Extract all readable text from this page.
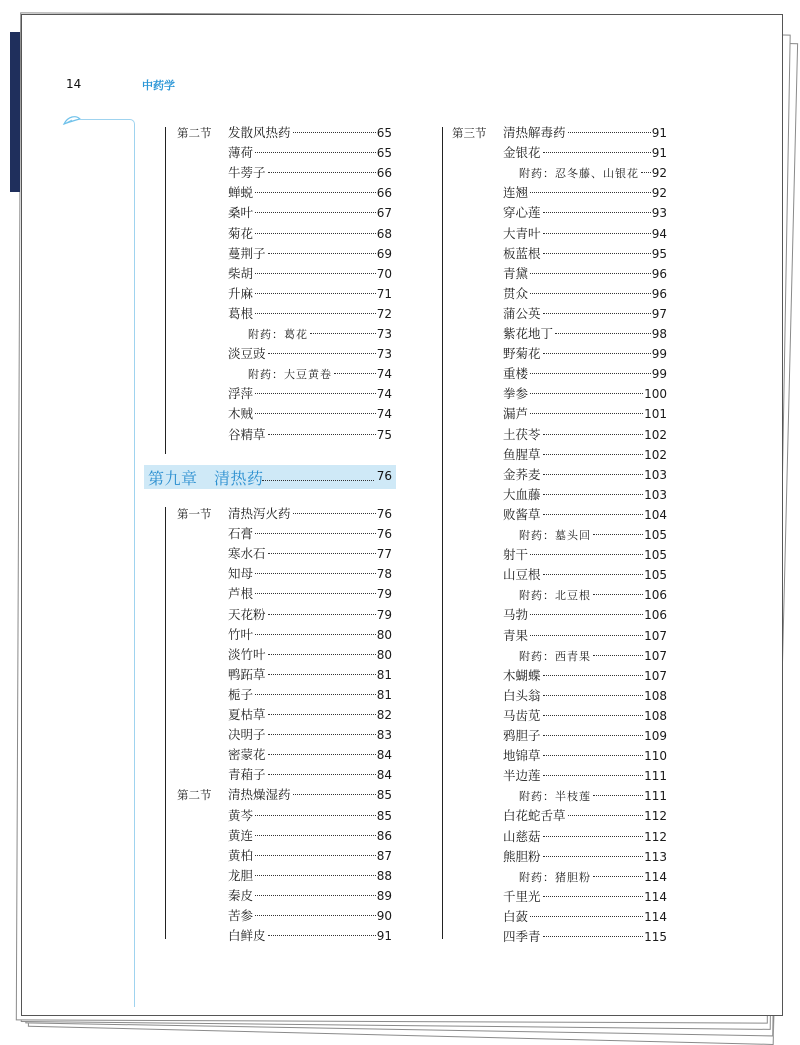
14	中药学
第二节 发散风热药	65
薄荷	65
牛蒡子	66
蝉蜕	66
桑叶	67
菊花	68
蔓荆子	69
柴胡	70
升麻	71
葛根	72
附药：葛花	73
淡豆豉	73
附药：大豆黄卷	74
浮萍	74
木贼	74
谷精草	75
第九章　清热药	76
第一节 清热泻火药	76
石膏	76
寒水石	77
知母	78
芦根	79
天花粉	79
竹叶	80
淡竹叶	80
鸭跖草	81
栀子	81
夏枯草	82
决明子	83
密蒙花	84
青葙子	84
第二节 清热燥湿药	85
黄芩	85
黄连	86
黄柏	87
龙胆	88
秦皮	89
苦参	90
白鲜皮	91
第三节 清热解毒药	91
金银花	91
附药：忍冬藤、山银花 92
连翘	92
穿心莲	93
大青叶	94
板蓝根	95
青黛	96
贯众	96
蒲公英	97
紫花地丁	98
野菊花	99
重楼	99
拳参	100
漏芦	101
土茯苓	102
鱼腥草	102
金荞麦	103
大血藤	103
败酱草	104
附药：墓头回	105
射干	105
山豆根	105
附药：北豆根	106
马勃	106
青果	107
附药：西青果	107
木蝴蝶	107
白头翁	108
马齿苋	108
鸦胆子	109
地锦草	110
半边莲	111
附药：半枝莲	111
白花蛇舌草	112
山慈菇	112
熊胆粉	113
附药：猪胆粉	114
千里光	114
白蔹	114
四季青	115
